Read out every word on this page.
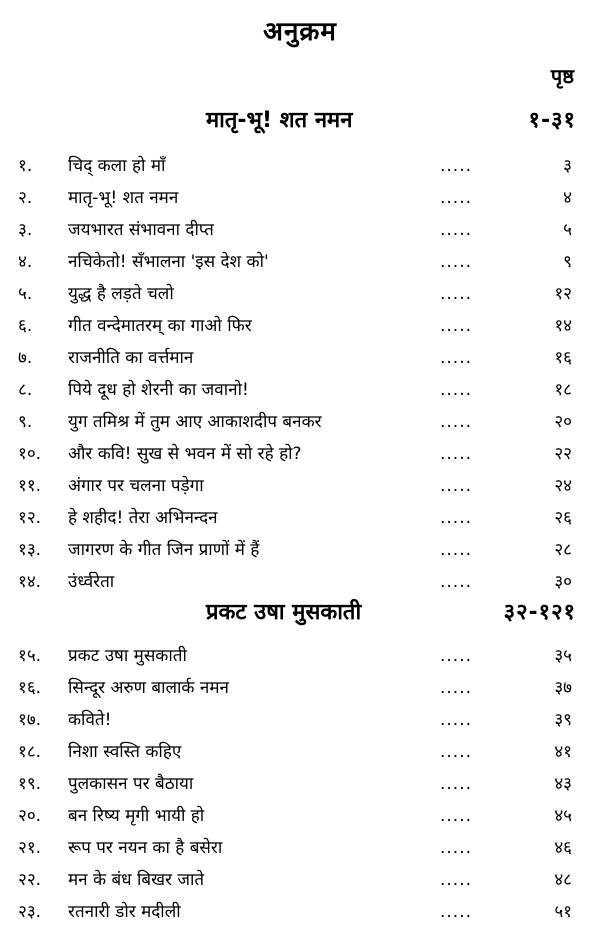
अनुक्रम
पृष्ठ
मातृ-भू! शत नमन	१-३१
१. चिद् कला हो माँ	.....	३
२. मातृ-भू! शत नमन	.....	४
३. जयभारत संभावना दीप्त	.....	५
४. नचिकेतो! सँभालना 'इस देश को'	.....	९
५. युद्ध है लड़ते चलो	.....	१२
६. गीत वन्देमातरम् का गाओ फिर	.....	१४
७. राजनीति का वर्त्तमान	.....	१६
८. पिये दूध हो शेरनी का जवानो!	.....	१८
९. युग तमिश्र में तुम आए आकाशदीप बनकर	.....	२०
१०. और कवि! सुख से भवन में सो रहे हो?	.....	२२
११. अंगार पर चलना पड़ेगा	.....	२४
१२. हे शहीद! तेरा अभिनन्दन	.....	२६
१३. जागरण के गीत जिन प्राणों में हैं	.....	२८
१४. उंर्ध्वरेता	.....	३०
प्रकट उषा मुसकाती	३२-१२१
१५. प्रकट उषा मुसकाती	.....	३५
१६. सिन्दूर अरुण बालार्क नमन	.....	३७
१७. कविते!	.....	३९
१८. निशा स्वस्ति कहिए	.....	४१
१९. पुलकासन पर बैठाया	.....	४३
२०. बन रिष्य मृगी भायी हो	.....	४५
२१. रूप पर नयन का है बसेरा	.....	४६
२२. मन के बंध बिखर जाते	.....	४८
२३. रतनारी डोर मदीली	.....	५१
